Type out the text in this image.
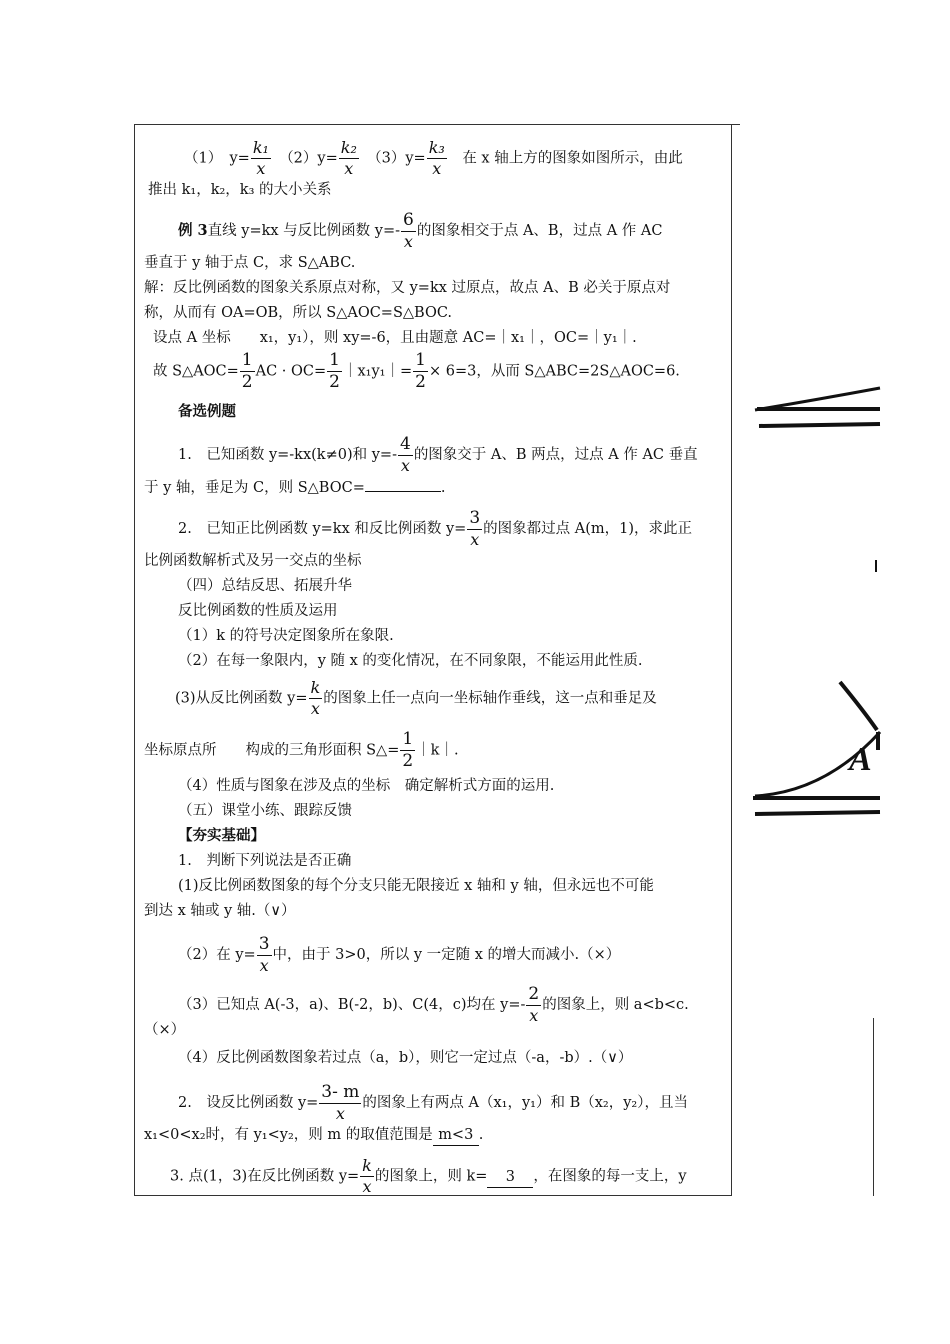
（1）　 $y= \frac{\text{k₁}}{x}$
　 $(2)y= \frac{\text{k₂}}{x}$
　 $(3)y= \frac{\text{k₃}}{x}$
　 在 x 轴上方的图象如图所示，由此
推出 k₁，k₂，k₃ 的大小关系
例 3直线 y=kx 与反比例函数 $y=- \frac{6}{x}$ 的图象相交于点 A、B，过点 A 作 AC
垂直于 y 轴于点 C，求 S△ABC.
解：反比例函数的图象关系原点对称，又 y=kx 过原点，故点 A、B 必关于原点对
称，从而有 OA=OB，所以 S△AOC=S△BOC.
设点 A 坐标　　x₁，y₁），则 xy=-6，且由题意 AC=｜x₁｜，OC=｜y₁｜.
故 S△AOC= $\frac{1}{2}$ AC · $OC= \frac{1}{2}$ ｜x₁y₁｜= $\frac{1}{2} \times 6=3$，从而 S△ABC=2S△AOC=6.
备选例题
1.　已知函数 y=-kx(k≠0)和 $y=- \frac{4}{x}$ 的图象交于 A、B 两点，过点 A 作 AC 垂直
于 y 轴，垂足为 C，则 S△BOC=	.
2.　已知正比例函数 y=kx 和反比例函数 $y= \frac{3}{x}$ 的图象都过点 A(m，1)，求此正
比例函数解析式及另一交点的坐标
（四）总结反思、拓展升华
反比例函数的性质及运用
（1）k 的符号决定图象所在象限.
（2）在每一象限内，y 随 x 的变化情况，在不同象限，不能运用此性质.
(3)从反比例函数 $y= \frac{k}{x}$ 的图象上任一点向一坐标轴作垂线，这一点和垂足及
坐标原点所　　构成的三角形面积 S△= $\frac{1}{2}$ ｜k｜.
（4）性质与图象在涉及点的坐标　确定解析式方面的运用.
（五）课堂小练、跟踪反馈
【夯实基础】
1.　判断下列说法是否正确
(1)反比例函数图象的每个分支只能无限接近 x 轴和 y 轴，但永远也不可能
到达 x 轴或 y 轴.（∨）
（2）在 $y= \frac{3}{x}$ 中，由于 3>0，所以 y 一定随 x 的增大而减小.（×）
（3）已知点 A(-3，a)、B(-2，b)、C(4，c)均在 $y=- \frac{2}{x}$ 的图象上，则 a<b<c.
（×）
（4）反比例函数图象若过点（a，b），则它一定过点（-a，-b）.（∨）
2.　设反比例函数 $y= \frac{3- m}{x}$ 的图象上有两点 A（x₁，y₁）和 B（x₂，y₂），且当
x₁<0<x₂时，有 y₁<y₂，则 m 的取值范围是 m<3 .
3. 点(1，3)在反比例函数 $y= \frac{k}{x}$ 的图象上，则 k= 3 ，在图象的每一支上，y
A
